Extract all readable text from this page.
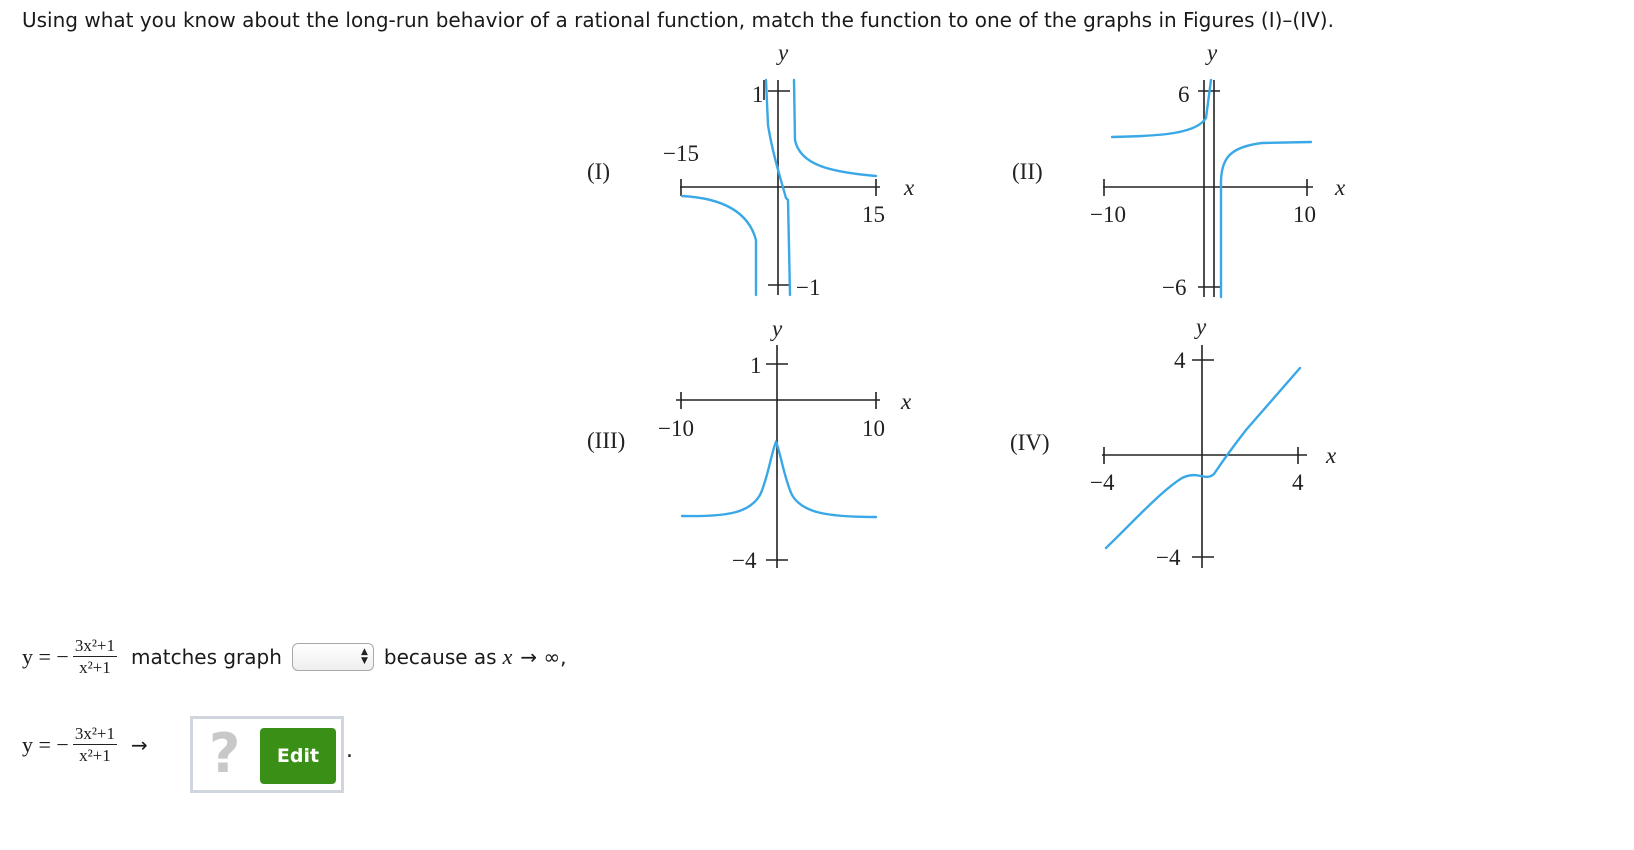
Using what you know about the long-run behavior of a rational function, match the function to one of the graphs in Figures (I)–(IV).
(I)
y
1
−15
15
−1
x
(II)
y
6
−10	10
−6
x
(III)
y
1
−10	10
−4
x
(IV)
y
4
−4	4
−4
x
y = − $\frac{\text{3x²+1}}{\text{x²+1}}$ matches graph	▲
▼ because as x → ∞,
y = − $\frac{\text{3x²+1}}{\text{x²+1}}$ → ?	Edit	.
